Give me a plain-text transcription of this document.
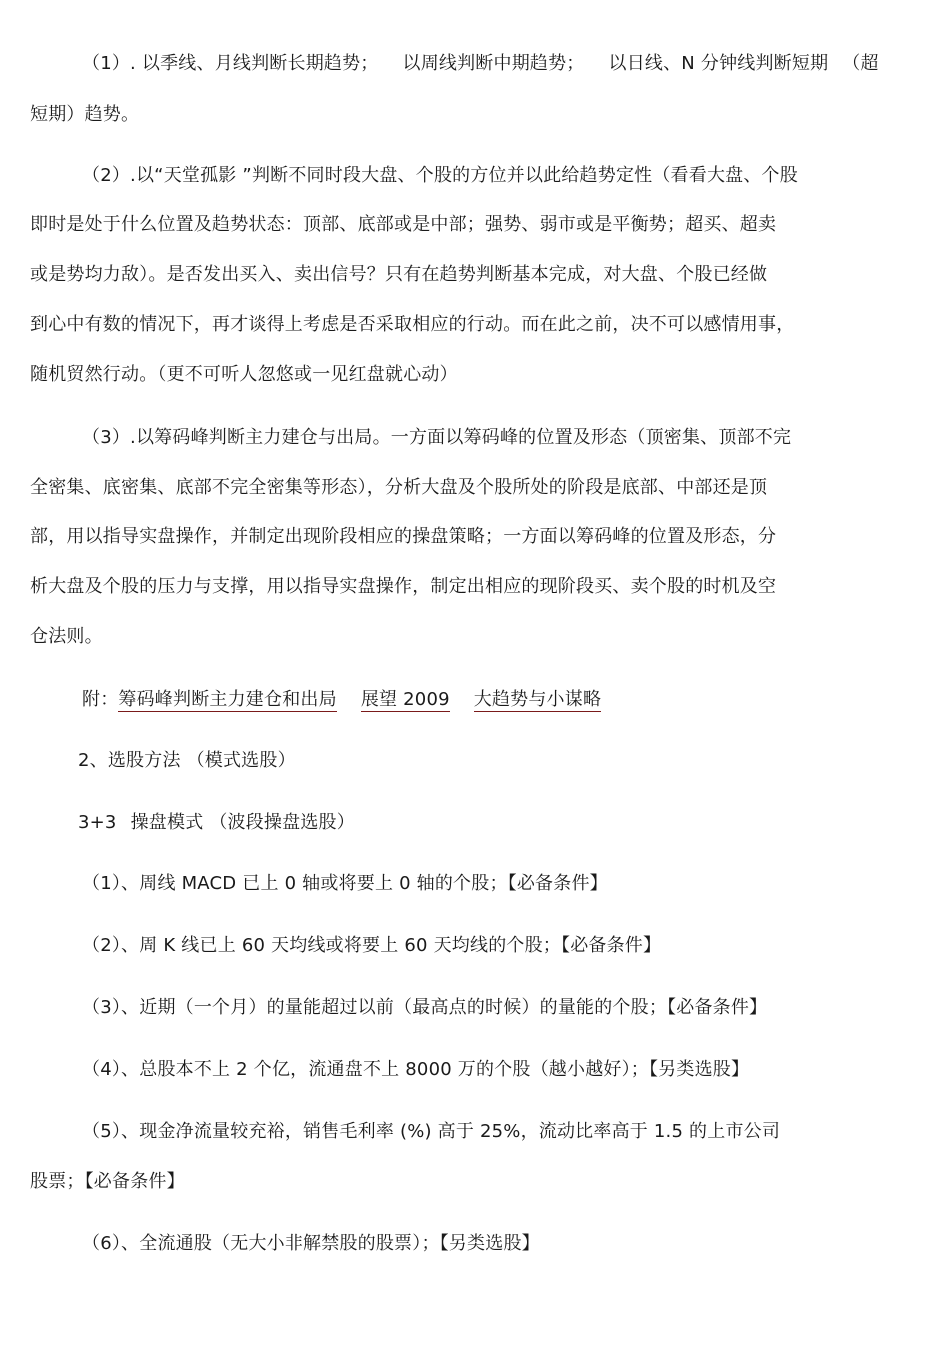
（1）. 以季线、月线判断长期趋势； 以周线判断中期趋势； 以日线、N 分钟线判断短期 （超
短期）趋势。
（2）.以“天堂孤影 ”判断不同时段大盘、个股的方位并以此给趋势定性（看看大盘、个股
即时是处于什么位置及趋势状态：顶部、底部或是中部；强势、弱市或是平衡势；超买、超卖
或是势均力敌）。是否发出买入、卖出信号？只有在趋势判断基本完成，对大盘、个股已经做
到心中有数的情况下，再才谈得上考虑是否采取相应的行动。而在此之前，决不可以感情用事，
随机贸然行动。（更不可听人忽悠或一见红盘就心动）
（3）.以筹码峰判断主力建仓与出局。一方面以筹码峰的位置及形态（顶密集、顶部不完
全密集、底密集、底部不完全密集等形态），分析大盘及个股所处的阶段是底部、中部还是顶
部，用以指导实盘操作，并制定出现阶段相应的操盘策略；一方面以筹码峰的位置及形态，分
析大盘及个股的压力与支撑，用以指导实盘操作，制定出相应的现阶段买、卖个股的时机及空
仓法则。
附：筹码峰判断主力建仓和出局 展望 2009 大趋势与小谋略
2、选股方法 （模式选股）
3+3 操盘模式 （波段操盘选股）
（1）、周线 MACD 已上 0 轴或将要上 0 轴的个股；【必备条件】
（2）、周 K 线已上 60 天均线或将要上 60 天均线的个股；【必备条件】
（3）、近期（一个月）的量能超过以前（最高点的时候）的量能的个股；【必备条件】
（4）、总股本不上 2 个亿，流通盘不上 8000 万的个股（越小越好）；【另类选股】
（5）、现金净流量较充裕，销售毛利率 (%) 高于 25%，流动比率高于 1.5 的上市公司
股票；【必备条件】
（6）、全流通股（无大小非解禁股的股票）；【另类选股】
